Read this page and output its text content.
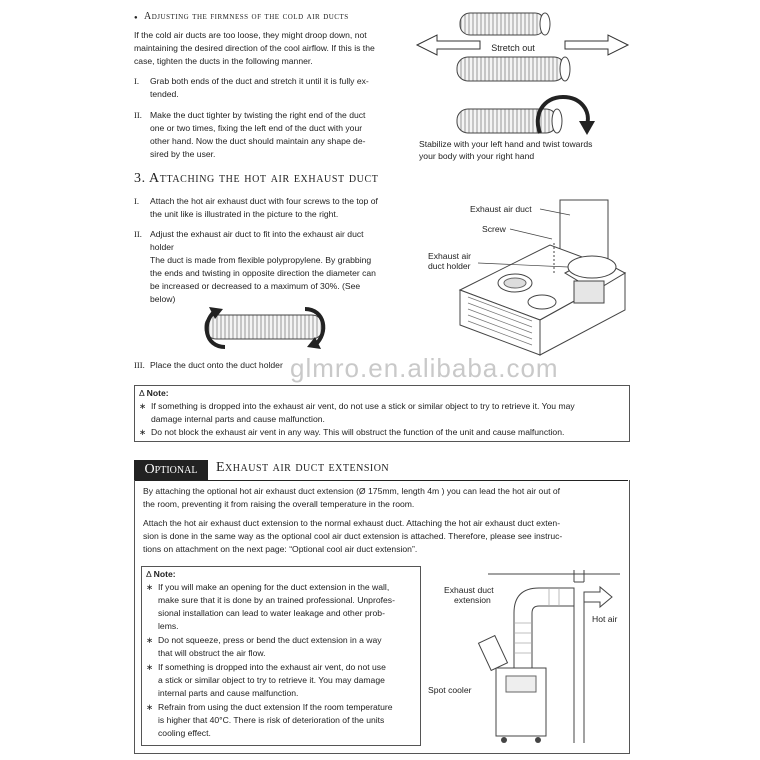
● Adjusting the firmness of the cold air ducts

If the cold air ducts are too loose, they might droop down, not

maintaining the desired direction of the cool airflow. If this is the

case, tighten the ducts in the following manner.

I. Grab both ends of the duct and stretch it until it is fully ex-

tended.

II. Make the duct tighter by twisting the right end of the duct

one or two times, fixing the left end of the duct with your

other hand. Now the duct should maintain any shape de-

sired by the user.

Stretch out
Stabilize with your left hand and twist towards
your body with your right hand
3. Attaching the hot air exhaust duct
I. Attach the hot air exhaust duct with four screws to the top of

the unit like is illustrated in the picture to the right.

II. Adjust the exhaust air duct to fit into the exhaust air duct

holder

The duct is made from flexible polypropylene. By grabbing

the ends and twisting in opposite direction the diameter can

be increased or decreased to a maximum of 30%. (See

below)

III. Place the duct onto the duct holder

Exhaust air duct
Screw
Exhaust air
duct holder
glmro.en.alibaba.com
Δ Note:
∗ If something is dropped into the exhaust air vent, do not use a stick or similar object to try to retrieve it. You may

damage internal parts and cause malfunction.

∗ Do not block the exhaust air vent in any way. This will obstruct the function of the unit and cause malfunction.

Optional	Exhaust air duct extension

By attaching the optional hot air exhaust duct extension (Ø 175mm, length 4m ) you can lead the hot air out of

the room, preventing it from raising the overall temperature in the room.

Attach the hot air exhaust duct extension to the normal exhaust duct. Attaching the hot air exhaust duct exten-

sion is done in the same way as the optional cool air duct extension is attached. Therefore, please see instruc-

tions on attachment on the next page: “Optional cool air duct extension”.

Δ Note:
∗ If you will make an opening for the duct extension in the wall,

make sure that it is done by an trained professional. Unprofes-

sional installation can lead to water leakage and other prob-

lems.

∗ Do not squeeze, press or bend the duct extension in a way

that will obstruct the air flow.

∗ If something is dropped into the exhaust air vent, do not use

a stick or similar object to try to retrieve it. You may damage

internal parts and cause malfunction.

∗ Refrain from using the duct extension If the room temperature

is higher that 40°C. There is risk of deterioration of the units

cooling effect.

Exhaust duct
extension
Hot air
Spot cooler
